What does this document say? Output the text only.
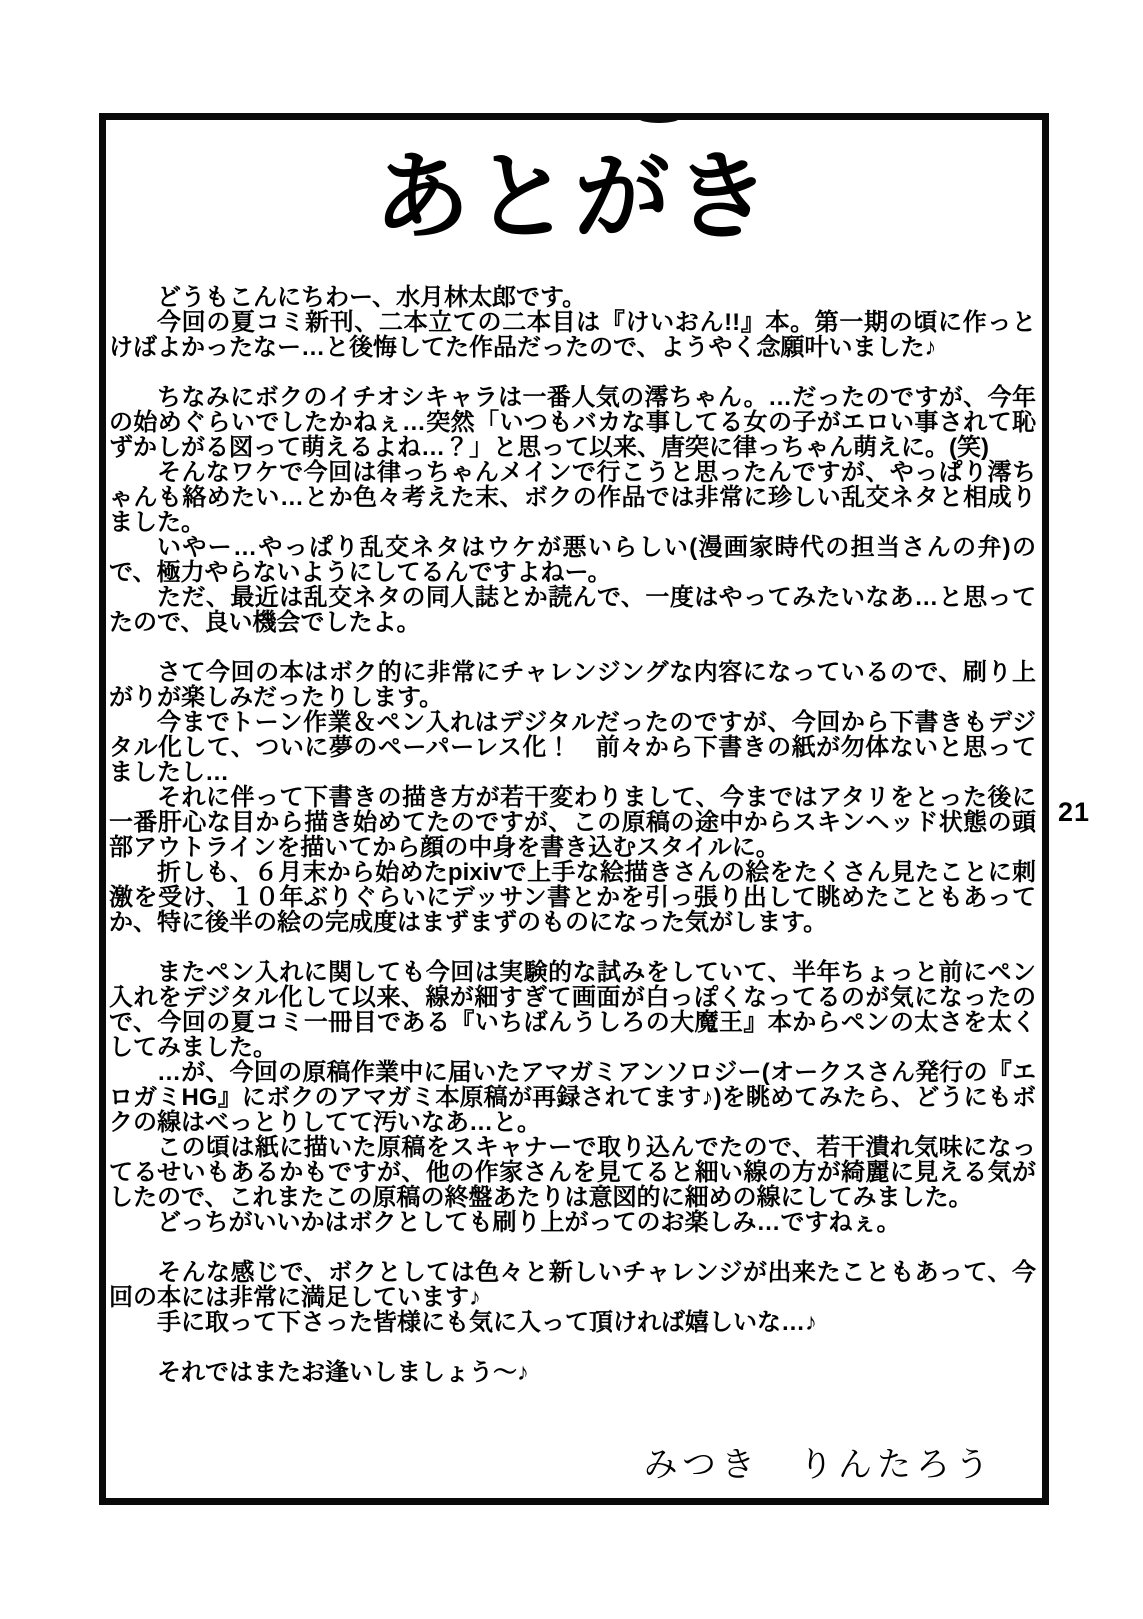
あとがき

どうもこんにちわー、水月林太郎です。

今回の夏コミ新刊、二本立ての二本目は『けいおん!!』本。第一期の頃に作っとけばよかったなー…と後悔してた作品だったので、ようやく念願叶いました♪

ちなみにボクのイチオシキャラは一番人気の澪ちゃん。…だったのですが、今年の始めぐらいでしたかねぇ…突然「いつもバカな事してる女の子がエロい事されて恥ずかしがる図って萌えるよね…？」と思って以来、唐突に律っちゃん萌えに。(笑)

そんなワケで今回は律っちゃんメインで行こうと思ったんですが、やっぱり澪ちゃんも絡めたい…とか色々考えた末、ボクの作品では非常に珍しい乱交ネタと相成りました。

いやー…やっぱり乱交ネタはウケが悪いらしい(漫画家時代の担当さんの弁)ので、極力やらないようにしてるんですよねー。

ただ、最近は乱交ネタの同人誌とか読んで、一度はやってみたいなあ…と思ってたので、良い機会でしたよ。

さて今回の本はボク的に非常にチャレンジングな内容になっているので、刷り上がりが楽しみだったりします。

今までトーン作業＆ペン入れはデジタルだったのですが、今回から下書きもデジタル化して、ついに夢のペーパーレス化！　前々から下書きの紙が勿体ないと思ってましたし…

それに伴って下書きの描き方が若干変わりまして、今まではアタリをとった後に一番肝心な目から描き始めてたのですが、この原稿の途中からスキンヘッド状態の頭部アウトラインを描いてから顔の中身を書き込むスタイルに。

折しも、６月末から始めたpixivで上手な絵描きさんの絵をたくさん見たことに刺激を受け、１０年ぶりぐらいにデッサン書とかを引っ張り出して眺めたこともあってか、特に後半の絵の完成度はまずまずのものになった気がします。

またペン入れに関しても今回は実験的な試みをしていて、半年ちょっと前にペン入れをデジタル化して以来、線が細すぎて画面が白っぽくなってるのが気になったので、今回の夏コミ一冊目である『いちばんうしろの大魔王』本からペンの太さを太くしてみました。

…が、今回の原稿作業中に届いたアマガミアンソロジー(オークスさん発行の『エロガミHG』にボクのアマガミ本原稿が再録されてます♪)を眺めてみたら、どうにもボクの線はべっとりしてて汚いなあ…と。

この頃は紙に描いた原稿をスキャナーで取り込んでたので、若干潰れ気味になってるせいもあるかもですが、他の作家さんを見てると細い線の方が綺麗に見える気がしたので、これまたこの原稿の終盤あたりは意図的に細めの線にしてみました。

どっちがいいかはボクとしても刷り上がってのお楽しみ…ですねぇ。

そんな感じで、ボクとしては色々と新しいチャレンジが出来たこともあって、今回の本には非常に満足しています♪

手に取って下さった皆様にも気に入って頂ければ嬉しいな…♪

それではまたお逢いしましょう〜♪

みつき　りんたろう
21
